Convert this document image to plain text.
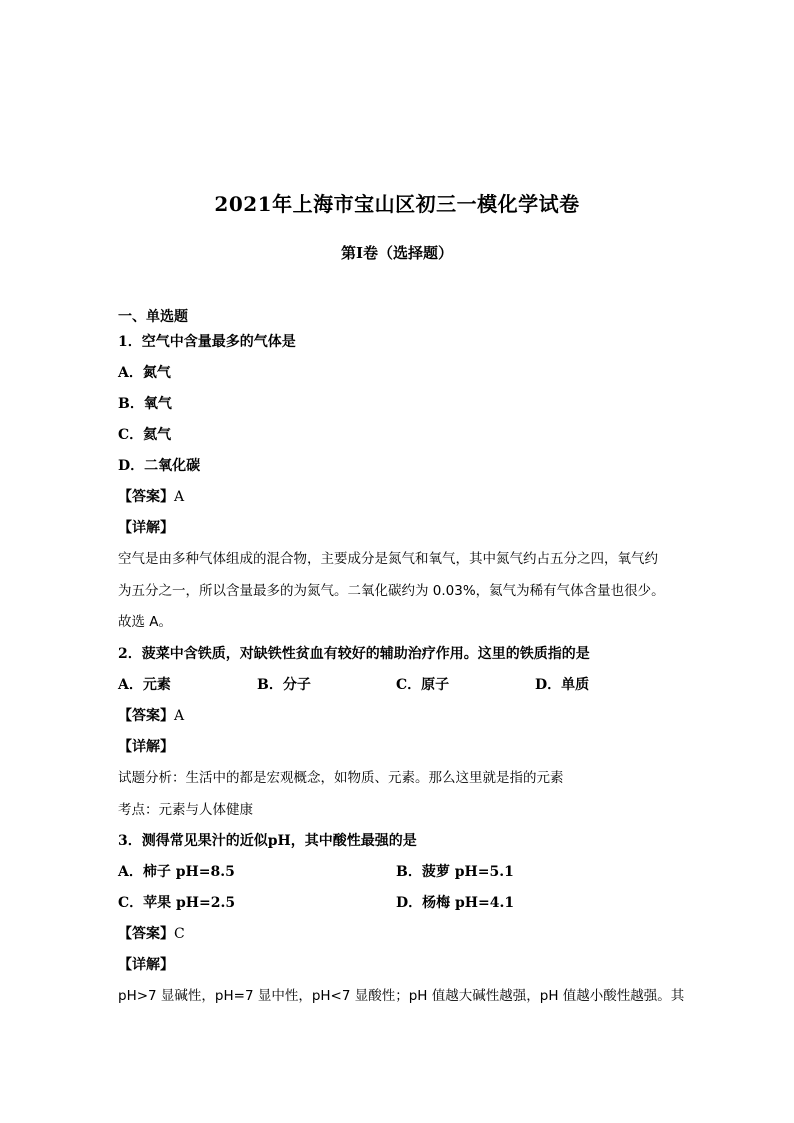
2021年上海市宝山区初三一模化学试卷
第I卷（选择题）
一、单选题
1．空气中含量最多的气体是
A．氮气
B．氧气
C．氦气
D．二氧化碳
【答案】A
【详解】
空气是由多种气体组成的混合物，主要成分是氮气和氧气，其中氮气约占五分之四，氧气约
为五分之一，所以含量最多的为氮气。二氧化碳约为 0.03%，氦气为稀有气体含量也很少。
故选 A。
2．菠菜中含铁质，对缺铁性贫血有较好的辅助治疗作用。这里的铁质指的是
A．元素	B．分子	C．原子	D．单质
【答案】A
【详解】
试题分析：生活中的都是宏观概念，如物质、元素。那么这里就是指的元素
考点：元素与人体健康
3．测得常见果汁的近似pH，其中酸性最强的是
A．柿子 pH=8.5	B．菠萝 pH=5.1
C．苹果 pH=2.5	D．杨梅 pH=4.1
【答案】C
【详解】
pH>7 显碱性，pH=7 显中性，pH<7 显酸性；pH 值越大碱性越强，pH 值越小酸性越强。其
